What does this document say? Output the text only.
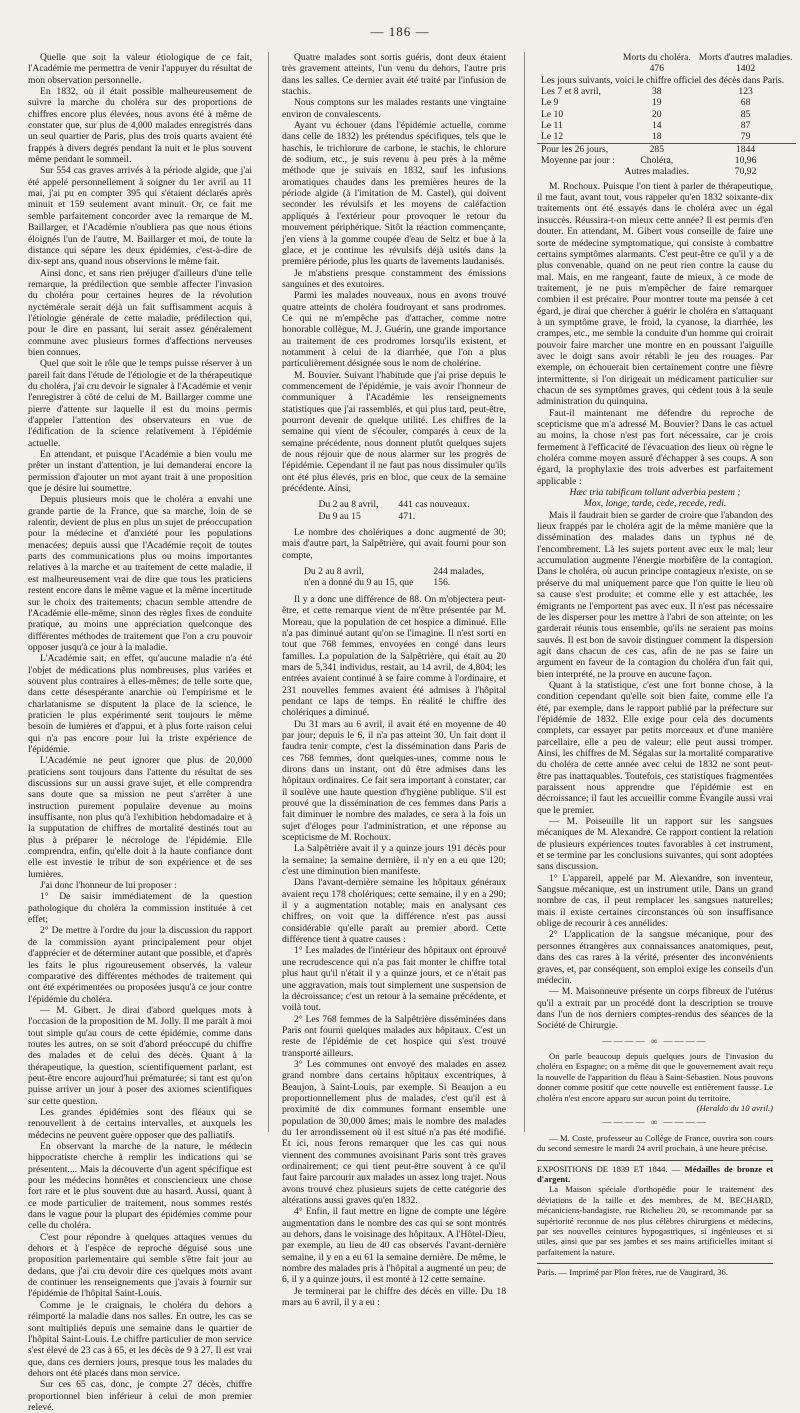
— 186 —

Quelle que soit la valeur étiologique de ce fait, l'Académie me permettra de venir l'appuyer du résultat de mon observation personnelle.

En 1832, où il était possible malheureusement de suivre la marche du choléra sur des proportions de chiffres encore plus élevées, nous avons été à même de constater que, sur plus de 4,000 malades enregistrés dans un seul quartier de Paris, plus des trois quarts avaient été frappés à divers degrés pendant la nuit et le plus souvent même pendant le sommeil.

Sur 554 cas graves arrivés à la période algide, que j'ai été appelé personnellement à soigner du 1er avril au 11 mai, j'ai pu en compter 395 qui s'étaient déclarés après minuit et 159 seulement avant minuit. Or, ce fait me semble parfaitement concorder avec la remarque de M. Baillarger, et l'Académie n'oubliera pas que nous étions éloignés l'un de l'autre, M. Baillarger et moi, de toute la distance qui sépare les deux épidémies, c'est-à-dire de dix-sept ans, quand nous observions le même fait.

Ainsi donc, et sans rien préjuger d'ailleurs d'une telle remarque, la prédilection que semble affecter l'invasion du choléra pour certaines heures de la révolution nyctémérale serait déjà un fait suffisamment acquis à l'étiologie générale de cette maladie, prédilection qui, pour le dire en passant, lui serait assez généralement commune avec plusieurs formes d'affections nerveuses bien connues.

Quel que soit le rôle que le temps puisse réserver à un pareil fait dans l'étude de l'étiologie et de la thérapeutique du choléra, j'ai cru devoir le signaler à l'Académie et venir l'enregistrer à côté de celui de M. Baillarger comme une pierre d'attente sur laquelle il est du moins permis d'appeler l'attention des observateurs en vue de l'édification de la science relativement à l'épidémie actuelle.

En attendant, et puisque l'Académie a bien voulu me prêter un instant d'attention, je lui demanderai encore la permission d'ajouter un mot ayant trait à une proposition que je désire lui soumettre.

Depuis plusieurs mois que le choléra a envahi une grande partie de la France, que sa marche, loin de se ralentir, devient de plus en plus un sujet de préoccupation pour la médecine et d'anxiété pour les populations menacées; depuis aussi que l'Académie reçoit de toutes parts des communications plus ou moins importantes relatives à la marche et au traitement de cette maladie, il est malheureusement vrai de dire que tous les praticiens restent encore dans le même vague et la même incertitude sur le choix des traitements; chacun semble attendre de l'Académie elle-même, sinon des règles fixes de conduite pratique, au moins une appréciation quelconque des différentes méthodes de traitement que l'on a cru pouvoir opposer jusqu'à ce jour à la maladie.

L'Académie sait, en effet, qu'aucune maladie n'a été l'objet de médications plus nombreuses, plus variées et souvent plus contraires à elles-mêmes; de telle sorte que, dans cette désespérante anarchie où l'empirisme et le charlatanisme se disputent la place de la science, le praticien le plus expérimenté sent toujours le même besoin de lumières et d'appui, et à plus forte raison celui qui n'a pas encore pour lui la triste expérience de l'épidémie.

L'Académie ne peut ignorer que plus de 20,000 praticiens sont toujours dans l'attente du résultat de ses discussions sur un aussi grave sujet, et elle comprendra sans doute que sa mission ne peut s'arrêter à une instruction purement populaire devenue au moins insuffisante, non plus qu'à l'exhibition hebdomadaire et à la supputation de chiffres de mortalité destinés tout au plus à préparer le nécrologe de l'épidémie. Elle comprendra, enfin, qu'elle doit à la haute confiance dont elle est investie le tribut de son expérience et de ses lumières.

J'ai donc l'honneur de lui proposer :

1° De saisir immédiatement de la question pathologique du choléra la commission instituée à cet effet;

2° De mettre à l'ordre du jour la discussion du rapport de la commission ayant principalement pour objet d'apprécier et de déterminer autant que possible, et d'après les faits le plus rigoureusement observés, la valeur comparative des différentes méthodes de traitement qui ont été expérimentées ou proposées jusqu'à ce jour contre l'épidémie du choléra.

— M. Gibert. Je dirai d'abord quelques mots à l'occasion de la proposition de M. Jolly. Il me paraît à moi tout simple qu'au cours de cette épidémie, comme dans toutes les autres, on se soit d'abord préoccupé du chiffre des malades et de celui des décès. Quant à la thérapeutique, la question, scientifiquement parlant, est peut-être encore aujourd'hui prématurée; si tant est qu'on puisse arriver un jour à poser des axiomes scientifiques sur cette question.

Les grandes épidémies sont des fléaux qui se renouvellent à de certains intervalles, et auxquels les médecins ne peuvent guère opposer que des palliatifs.

En observant la marche de la nature, le médecin hippocratiste cherche à remplir les indications qui se présentent.... Mais la découverte d'un agent spécifique est pour les médecins honnêtes et consciencieux une chose fort rare et le plus souvent due au hasard. Aussi, quant à ce mode particulier de traitement, nous sommes restés dans le vague pour la plupart des épidémies comme pour celle du choléra.

C'est pour répondre à quelques attaques venues du dehors et à l'espèce de reproche déguisé sous une proposition parlementaire qui semble s'être fait jour au dedans, que j'ai cru devoir dire ces quelques mots avant de continuer les renseignements que j'avais à fournir sur l'épidémie de l'hôpital Saint-Louis.

Comme je le craignais, le choléra du dehors a réimporté la maladie dans nos salles. En outre, les cas se sont multipliés depuis une semaine dans le quartier de l'hôpital Saint-Louis. Le chiffre particulier de mon service s'est élevé de 23 cas à 65, et les décès de 9 à 27. Il est vrai que, dans ces derniers jours, presque tous les malades du dehors ont été placés dans mon service.

Sur ces 65 cas, donc, je compte 27 décès, chiffre proportionnel bien inférieur à celui de mon premier relevé.

Quatre malades sont sortis guéris, dont deux étaient très gravement atteints, l'un venu du dehors, l'autre pris dans les salles. Ce dernier avait été traité par l'infusion de stachis.

Nous comptons sur les malades restants une vingtaine environ de convalescents.

Ayant vu échouer (dans l'épidémie actuelle, comme dans celle de 1832) les prétendus spécifiques, tels que le haschis, le trichlorure de carbone, le stachis, le chlorure de sodium, etc., je suis revenu à peu près à la même méthode que je suivais en 1832, sauf les infusions aromatiques chaudes dans les premières heures de la période algide (à l'imitation de M. Castel), qui doivent seconder les révulsifs et les moyens de caléfaction appliqués à l'extérieur pour provoquer le retour du mouvement périphérique. Sitôt la réaction commençante, j'en viens à la gomme coupée d'eau de Seltz et bue à la glace, et je continue les révulsifs déjà usités dans la première période, plus les quarts de lavements laudanisés.

Je m'abstiens presque constamment des émissions sanguines et des exutoires.

Parmi les malades nouveaux, nous en avons trouvé quatre atteints de choléra foudroyant et sans prodromes. Ce qui ne m'empêche pas d'attacher, comme notre honorable collègue, M. J. Guérin, une grande importance au traitement de ces prodromes lorsqu'ils existent, et notamment à celui de la diarrhée, que l'on a plus particulièrement désignée sous le nom de cholérine.

M. Bouvier. Suivant l'habitude que j'ai prise depuis le commencement de l'épidémie, je vais avoir l'honneur de communiquer à l'Académie les renseignements statistiques que j'ai rassemblés, et qui plus tard, peut-être, pourront devenir de quelque utilité. Les chiffres de la semaine qui vient de s'écouler, comparés à ceux de la semaine précédente, nous donnent plutôt quelques sujets de nous réjouir que de nous alarmer sur les progrès de l'épidémie. Cependant il ne faut pas nous dissimuler qu'ils ont été plus élevés, pris en bloc, que ceux de la semaine précédente. Ainsi,

Du 2 au 8 avril,	441 cas nouveaux.
Du 9 au 15	471.

Le nombre des cholériques a donc augmenté de 30; mais d'autre part, la Salpêtrière, qui avait fourni pour son compte,

Du 2 au 8 avril,	244 malades,
n'en a donné du 9 au 15, que	156.

Il y a donc une différence de 88. On m'objectera peut-être, et cette remarque vient de m'être présentée par M. Moreau, que la population de cet hospice a diminué. Elle n'a pas diminué autant qu'on se l'imagine. Il n'est sorti en tout que 768 femmes, envoyées en congé dans leurs familles. La population de la Salpêtrière, qui était au 20 mars de 5,341 individus, restait, au 14 avril, de 4,804; les entrées avaient continué à se faire comme à l'ordinaire, et 231 nouvelles femmes avaient été admises à l'hôpital pendant ce laps de temps. En réalité le chiffre des cholériques a diminué.

Du 31 mars au 6 avril, il avait été en moyenne de 40 par jour; depuis le 6, il n'a pas atteint 30. Un fait dont il faudra tenir compte, c'est la dissémination dans Paris de ces 768 femmes, dont quelques-unes, comme nous le dirons dans un instant, ont dû être admises dans les hôpitaux ordinaires. Ce fait sera important à constater, car il soulève une haute question d'hygiène publique. S'il est prouvé que la dissémination de ces femmes dans Paris a fait diminuer le nombre des malades, ce sera à la fois un sujet d'éloges pour l'administration, et une réponse au scepticisme de M. Rochoux.

La Salpêtrière avait il y a quinze jours 191 décès pour la semaine; la semaine dernière, il n'y en a eu que 120; c'est une diminution bien manifeste.

Dans l'avant-dernière semaine les hôpitaux généraux avaient reçu 178 cholériques; cette semaine, il y en a 290; il y a augmentation notable; mais en analysant ces chiffres, on voit que la différence n'est pas aussi considérable qu'elle paraît au premier abord. Cette différence tient à quatre causes :

1° Les malades de l'intérieur des hôpitaux ont éprouvé une recrudescence qui n'a pas fait monter le chiffre total plus haut qu'il n'était il y a quinze jours, et ce n'était pas une aggravation, mais tout simplement une suspension de la décroissance; c'est un retour à la semaine précédente, et voilà tout.

2° Les 768 femmes de la Salpêtrière disséminées dans Paris ont fourni quelques malades aux hôpitaux. C'est un reste de l'épidémie de cet hospice qui s'est trouvé transporté ailleurs.

3° Les communes ont envoyé des malades en assez grand nombre dans certains hôpitaux excentriques, à Beaujon, à Saint-Louis, par exemple. Si Beaujon a eu proportionnellement plus de malades, c'est qu'il est à proximité de dix communes formant ensemble une population de 30,000 âmes; mais le nombre des malades du 1er arrondissement où il est situé n'a pas été modifié. Et ici, nous ferons remarquer que les cas qui nous viennent des communes avoisinant Paris sont très graves ordinairement; ce qui tient peut-être souvent à ce qu'il faut faire parcourir aux malades un assez long trajet. Nous avons trouvé chez plusieurs sujets de cette catégorie des altérations aussi graves qu'en 1832.

4° Enfin, il faut mettre en ligne de compte une légère augmentation dans le nombre des cas qui se sont montrés au dehors, dans le voisinage des hôpitaux. A l'Hôtel-Dieu, par exemple, au lieu de 40 cas observés l'avant-dernière semaine, il y en a eu 61 la semaine dernière. De même, le nombre des malades pris à l'hôpital a augmenté un peu; de 6, il y a quinze jours, il est monté à 12 cette semaine.

Je terminerai par le chiffre des décès en ville. Du 18 mars au 6 avril, il y a eu :

	Morts du choléra.	Morts d'autres maladies.
	476	1402
Les jours suivants, voici le chiffre officiel des décès dans Paris.		
Les 7 et 8 avril,	38	123
Le 9	19	68
Le 10	20	85
Le 11	14	87
Le 12	18	79
Pour les 26 jours,	285	1844
Moyenne par jour :	Choléra,	10,96
	Autres maladies.	70,92

M. Rochoux. Puisque l'on tient à parler de thérapeutique, il me faut, avant tout, vous rappeler qu'en 1832 soixante-dix traitements ont été essayés dans le choléra avec un égal insuccès. Réussira-t-on mieux cette année? Il est permis d'en douter. En attendant, M. Gibert vous conseille de faire une sorte de médecine symptomatique, qui consiste à combattre certains symptômes alarmants. C'est peut-être ce qu'il y a de plus convenable, quand on ne peut rien contre la cause du mal. Mais, en me rangeant, faute de mieux, à ce mode de traitement, je ne puis m'empêcher de faire remarquer combien il est précaire. Pour montrer toute ma pensée à cet égard, je dirai que chercher à guérir le choléra en s'attaquant à un symptôme grave, le froid, la cyanose, la diarrhée, les crampes, etc., me semble la conduite d'un homme qui croirait pouvoir faire marcher une montre en en poussant l'aiguille avec le doigt sans avoir rétabli le jeu des rouages. Par exemple, on échouerait bien certainement contre une fièvre intermittente, si l'on dirigeait un médicament particulier sur chacun de ses symptômes graves, qui cèdent tous à la seule administration du quinquina.

Faut-il maintenant me défendre du reproche de scepticisme que m'a adressé M. Bouvier? Dans le cas actuel au moins, la chose n'est pas fort nécessaire, car je crois fermement à l'efficacité de l'évacuation des lieux où règne le choléra comme moyen assuré d'échapper à ses coups. A son égard, la prophylaxie des trois adverbes est parfaitement applicable :

Hæc tria tabificam tollunt adverbia pestem ;

Mox, longe, tarde, cede, recede, redi.

Mais il faudrait bien se garder de croire que l'abandon des lieux frappés par le choléra agit de la même manière que la dissémination des malades dans un typhus né de l'encombrement. Là les sujets portent avec eux le mal; leur accumulation augmente l'énergie morbifère de la contagion. Dans le choléra, où aucun principe contagieux n'existe, on se préserve du mal uniquement parce que l'on quitte le lieu où sa cause s'est produite; et comme elle y est attachée, les émigrants ne l'emportent pas avec eux. Il n'est pas nécessaire de les disperser pour les mettre à l'abri de son atteinte; on les garderait réunis tous ensemble, qu'ils ne seraient pas moins sauvés. Il est bon de savoir distinguer comment la dispersion agit dans chacun de ces cas, afin de ne pas se faire un argument en faveur de la contagion du choléra d'un fait qui, bien interprété, ne la prouve en aucune façon.

Quant à la statistique, c'est une fort bonne chose, à la condition cependant qu'elle soit bien faite, comme elle l'a été, par exemple, dans le rapport publié par la préfecture sur l'épidémie de 1832. Elle exige pour cela des documents complets, car essayer par petits morceaux et d'une manière parcellaire, elle a peu de valeur; elle peut aussi tromper. Ainsi, les chiffres de M. Ségalas sur la mortalité comparative du choléra de cette année avec celui de 1832 ne sont peut-être pas inattaquables. Toutefois, ces statistiques fragmentées paraissent nous apprendre que l'épidémie est en décroissance; il faut les accueillir comme Évangile aussi vrai que le premier.

— M. Poiseuille lit un rapport sur les sangsues mécaniques de M. Alexandre. Ce rapport contient la relation de plusieurs expériences toutes favorables à cet instrument, et se termine par les conclusions suivantes, qui sont adoptées sans discussion.

1° L'appareil, appelé par M. Alexandre, son inventeur, Sangsue mécanique, est un instrument utile. Dans un grand nombre de cas, il peut remplacer les sangsues naturelles; mais il existe certaines circonstances où son insuffisance oblige de recourir à ces annélides.

2° L'application de la sangsue mécanique, pour des personnes étrangères aux connaissances anatomiques, peut, dans des cas rares à la vérité, présenter des inconvénients graves, et, par conséquent, son emploi exige les conseils d'un médecin.

— M. Maisonneuve présente un corps fibreux de l'utérus qu'il a extrait par un procédé dont la description se trouve dans l'un de nos derniers comptes-rendus des séances de la Société de Chirurgie.

———— ∞ ————

On parle beaucoup depuis quelques jours de l'invasion du choléra en Espagne; on a même dit que le gouvernement avait reçu la nouvelle de l'apparition du fléau à Saint-Sébastien. Nous pouvons donner comme positif que cette nouvelle est entièrement fausse. Le choléra n'est encore apparu sur aucun point du territoire.

(Heraldo du 10 avril.)

———— ∞ ————

— M. Coste, professeur au Collège de France, ouvrira son cours du second semestre le mardi 24 avril prochain, à une heure précise.

EXPOSITIONS DE 1839 ET 1844. — Médailles de bronze et d'argent.

La Maison spéciale d'orthopédie pour le traitement des déviations de la taille et des membres, de M. BECHARD, mécaniciens-bandagiste, rue Richelieu 20, se recommande par sa supériorité reconnue de nos plus célèbres chirurgiens et médecins, par ses nouvelles ceintures hypogastriques, si ingénieuses et si utiles, ainsi que par ses jambes et ses mains artificielles imitant si parfaitement la nature.

Paris. — Imprimé par Plon frères, rue de Vaugirard, 36.
